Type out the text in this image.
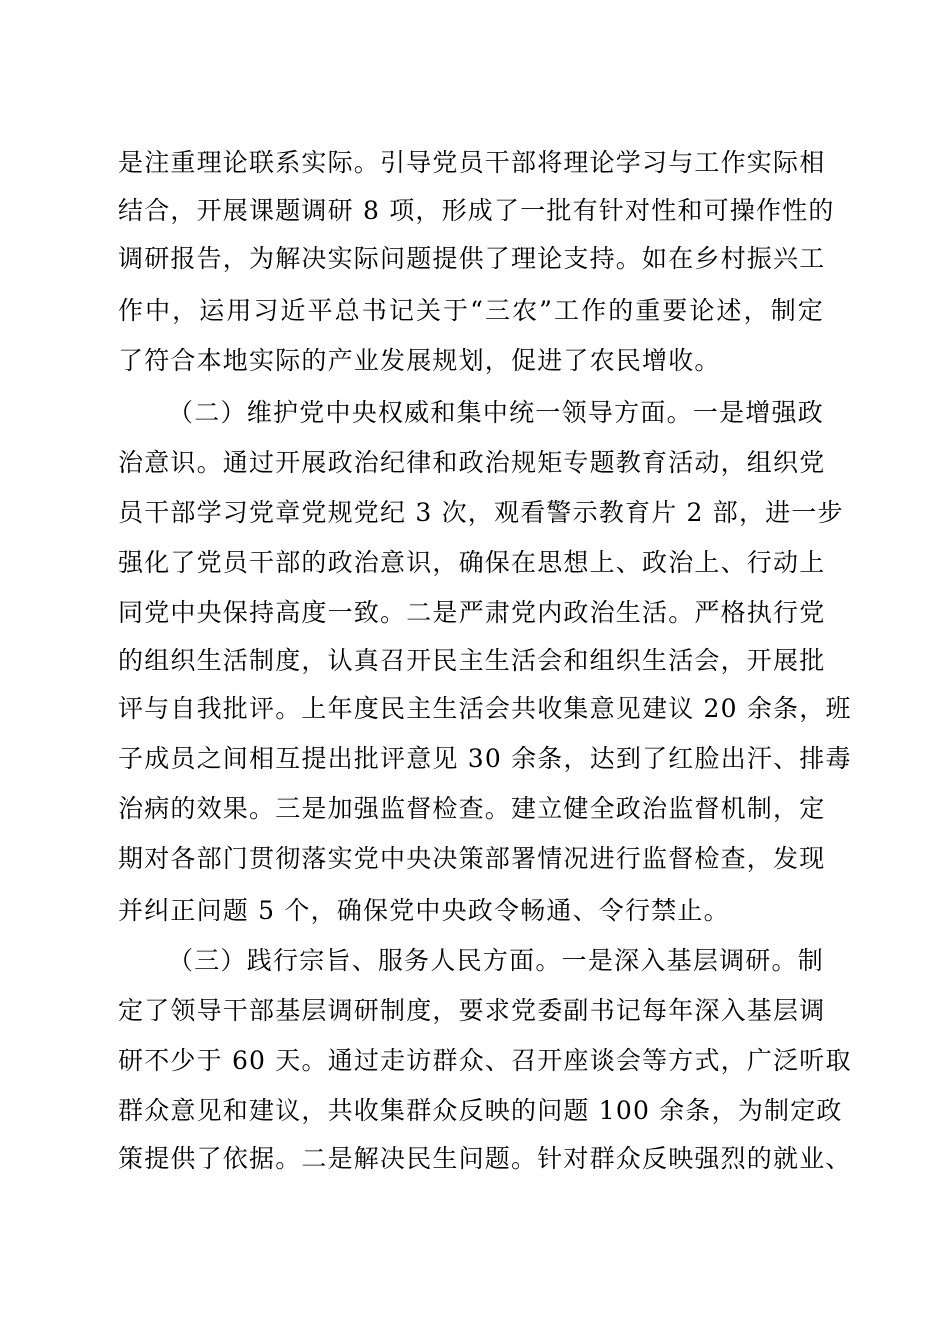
是注重理论联系实际。引导党员干部将理论学习与工作实际相
结合，开展课题调研 8 项，形成了一批有针对性和可操作性的
调研报告，为解决实际问题提供了理论支持。如在乡村振兴工
作中，运用习近平总书记关于“三农”工作的重要论述，制定
了符合本地实际的产业发展规划，促进了农民增收。
（二）维护党中央权威和集中统一领导方面。一是增强政
治意识。通过开展政治纪律和政治规矩专题教育活动，组织党
员干部学习党章党规党纪 3 次，观看警示教育片 2 部，进一步
强化了党员干部的政治意识，确保在思想上、政治上、行动上
同党中央保持高度一致。二是严肃党内政治生活。严格执行党
的组织生活制度，认真召开民主生活会和组织生活会，开展批
评与自我批评。上年度民主生活会共收集意见建议 20 余条，班
子成员之间相互提出批评意见 30 余条，达到了红脸出汗、排毒
治病的效果。三是加强监督检查。建立健全政治监督机制，定
期对各部门贯彻落实党中央决策部署情况进行监督检查，发现
并纠正问题 5 个，确保党中央政令畅通、令行禁止。
（三）践行宗旨、服务人民方面。一是深入基层调研。制
定了领导干部基层调研制度，要求党委副书记每年深入基层调
研不少于 60 天。通过走访群众、召开座谈会等方式，广泛听取
群众意见和建议，共收集群众反映的问题 100 余条，为制定政
策提供了依据。二是解决民生问题。针对群众反映强烈的就业、
